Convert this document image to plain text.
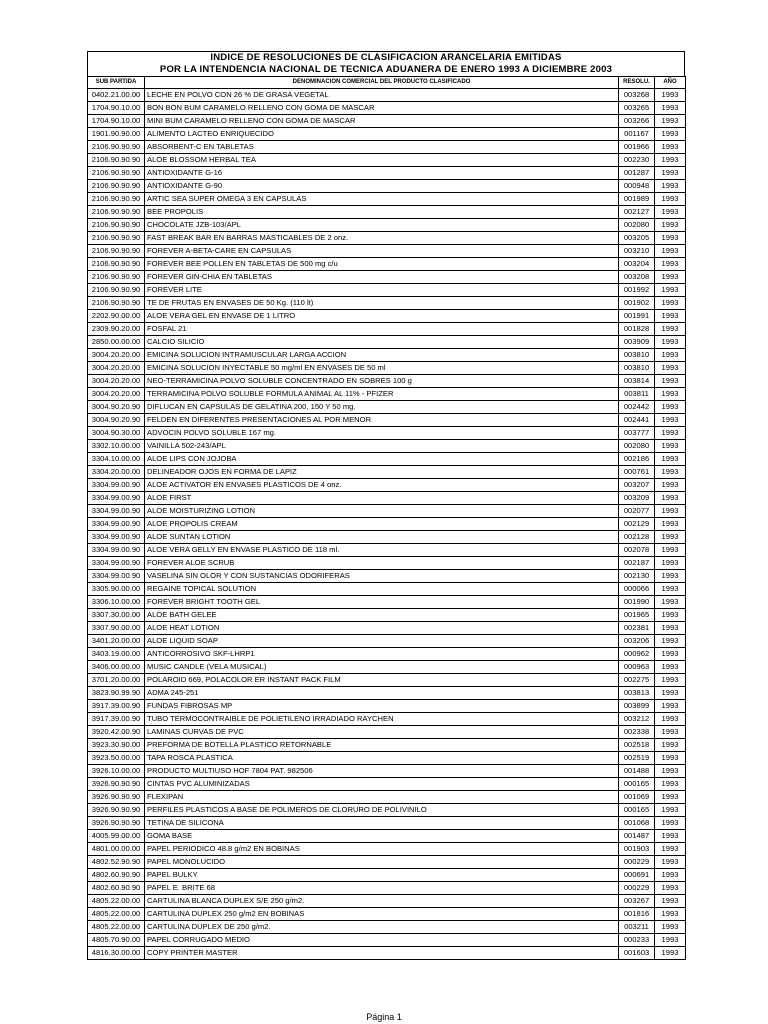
INDICE DE RESOLUCIONES DE CLASIFICACION ARANCELARIA EMITIDAS
POR LA INTENDENCIA NACIONAL DE TECNICA ADUANERA DE ENERO 1993 A DICIEMBRE 2003
SUB PARTIDA	DENOMINACION COMERCIAL DEL PRODUCTO CLASIFICADO	RESOLU.	AÑO
0402.21.00.00	LECHE EN POLVO CON 26 % DE GRASA VEGETAL	003268	1993
1704.90.10.00	BON BON BUM CARAMELO RELLENO CON GOMA DE MASCAR	003265	1993
1704.90.10.00	MINI BUM CARAMELO RELLENO CON GOMA DE MASCAR	003266	1993
1901.90.90.00	ALIMENTO LACTEO ENRIQUECIDO	001167	1993
2106.90.90.90	ABSORBENT-C EN TABLETAS	001966	1993
2106.90.90.90	ALOE BLOSSOM HERBAL TEA	002230	1993
2106.90.90.90	ANTIOXIDANTE G-16	001287	1993
2106.90.90.90	ANTIOXIDANTE G-90	000948	1993
2106.90.90.90	ARTIC SEA SUPER OMEGA 3 EN CAPSULAS	001989	1993
2106.90.90.90	BEE PROPOLIS	002127	1993
2106.90.90.90	CHOCOLATE JZB-103/APL	002080	1993
2106.90.90.90	FAST BREAK BAR EN BARRAS MASTICABLES DE 2 onz.	003205	1993
2106.90.90.90	FOREVER A-BETA-CARE EN CAPSULAS	003210	1993
2106.90.90.90	FOREVER BEE POLLEN EN TABLETAS DE 500 mg c/u	003204	1993
2106.90.90.90	FOREVER GIN-CHIA EN TABLETAS	003208	1993
2106.90.90.90	FOREVER LITE	001992	1993
2106.90.90.90	TE DE FRUTAS EN ENVASES DE 50 Kg. (110 lt)	001902	1993
2202.90.00.00	ALOE VERA GEL EN ENVASE DE 1 LITRO	001991	1993
2309.90.20.00	FOSFAL 21	001828	1993
2850.00.00.00	CALCIO SILICIO	003909	1993
3004.20.20.00	EMICINA SOLUCION INTRAMUSCULAR LARGA ACCION	003810	1993
3004.20.20.00	EMICINA SOLUCION INYECTABLE 50 mg/ml EN ENVASES DE 50 ml	003810	1993
3004.20.20.00	NEO-TERRAMICINA POLVO SOLUBLE CONCENTRADO EN SOBRES 100 g	003814	1993
3004.20.20.00	TERRAMICINA POLVO SOLUBLE FORMULA ANIMAL AL 11% - PFIZER	003811	1993
3004.90.20.90	DIFLUCAN EN CAPSULAS DE GELATINA 200, 150 Y 50 mg.	002442	1993
3004.90.20.90	FELDEN EN DIFERENTES PRESENTACIONES AL POR MENOR	002441	1993
3004.90.30.00	ADVOCIN POLVO SOLUBLE 167 mg.	003777	1993
3302.10.00.00	VAINILLA 502-243/APL	002080	1993
3304.10.00.00	ALOE LIPS CON JOJOBA	002186	1993
3304.20.00.00	DELINEADOR OJOS EN FORMA DE LAPIZ	000761	1993
3304.99.00.90	ALOE ACTIVATOR EN ENVASES PLASTICOS DE 4 onz.	003207	1993
3304.99.00.90	ALOE FIRST	003209	1993
3304.99.00.90	ALOE MOISTURIZING LOTION	002077	1993
3304.99.00.90	ALOE PROPOLIS CREAM	002129	1993
3304.99.00.90	ALOE SUNTAN LOTION	002128	1993
3304.99.00.90	ALOE VERA GELLY EN ENVASE PLASTICO DE 118 ml.	002078	1993
3304.99.00.90	FOREVER ALOE SCRUB	002187	1993
3304.99.00.90	VASELINA SIN OLOR Y CON SUSTANCIAS ODORIFERAS	002130	1993
3305.90.00.00	REGAINE TOPICAL SOLUTION	000066	1993
3306.10.00.00	FOREVER BRIGHT TOOTH GEL	001990	1993
3307.30.00.00	ALOE BATH GELEE	001965	1993
3307.90.00.00	ALOE HEAT LOTION	002381	1993
3401.20.00.00	ALOE LIQUID SOAP	003206	1993
3403.19.00.00	ANTICORROSIVO SKF-LHRP1	000962	1993
3406.00.00.00	MUSIC CANDLE (VELA MUSICAL)	000963	1993
3701.20.00.00	POLAROID 669, POLACOLOR ER INSTANT PACK FILM	002275	1993
3823.90.99.90	ADMA 245-251	003813	1993
3917.39.00.90	FUNDAS FIBROSAS MP	003899	1993
3917.39.00.90	TUBO TERMOCONTRAIBLE DE POLIETILENO IRRADIADO RAYCHEN	003212	1993
3920.42.00.90	LAMINAS CURVAS DE PVC	002338	1993
3923.30.90.00	PREFORMA DE BOTELLA PLASTICO RETORNABLE	002518	1993
3923.50.00.00	TAPA ROSCA PLASTICA	002519	1993
3926.10.00.00	PRODUCTO MULTIUSO HOF 7804 PAT. 982506	001488	1993
3926.90.90.90	CINTAS PVC ALUMINIZADAS	000165	1993
3926.90.90.90	FLEXIPAN	001069	1993
3926.90.90.90	PERFILES PLASTICOS A BASE DE POLIMEROS DE CLORURO DE POLIVINILO	000165	1993
3926.90.90.90	TETINA DE SILICONA	001068	1993
4005.99.00.00	GOMA BASE	001487	1993
4801.00.00.00	PAPEL PERIODICO 48.8 g/m2 EN BOBINAS	001903	1993
4802.52.90.90	PAPEL MONOLUCIDO	000229	1993
4802.60.90.90	PAPEL BULKY	000691	1993
4802.60.90.90	PAPEL E. BRITE 68	000229	1993
4805.22.00.00	CARTULINA BLANCA DUPLEX S/E 250 g/m2.	003267	1993
4805.22.00.00	CARTULINA DUPLEX 250 g/m2 EN BOBINAS	001816	1993
4805.22.00.00	CARTULINA DUPLEX DE 250 g/m2.	003211	1993
4805.70.90.00	PAPEL CORRUGADO MEDIO	000233	1993
4816.30.00.00	COPY PRINTER MASTER	001603	1993
Página 1
